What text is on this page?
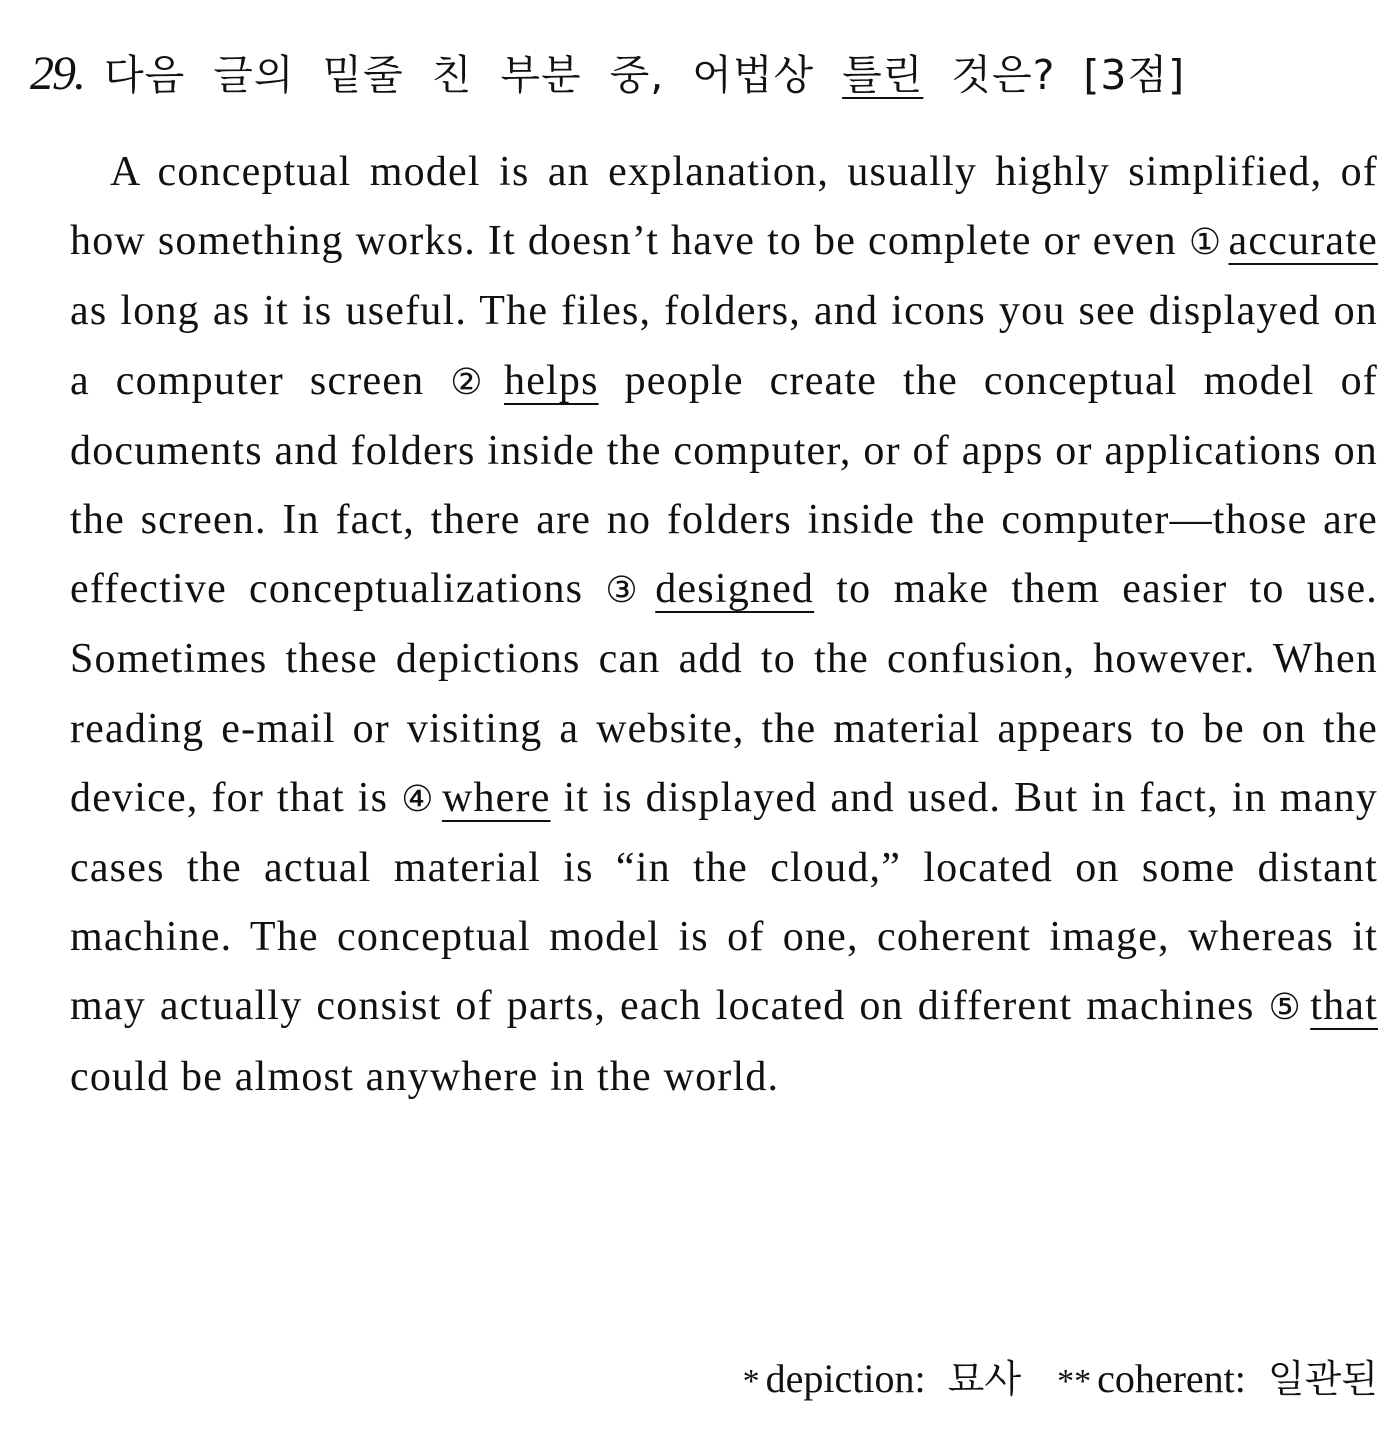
29. 다음 글의 밑줄 친 부분 중, 어법상 틀린 것은? [3점]
A conceptual model is an explanation, usually highly simplified, of how something works. It doesn’t have to be complete or even ① accurate as long as it is useful. The files, folders, and icons you see displayed on a computer screen ② helps people create the conceptual model of documents and folders inside the computer, or of apps or applications on the screen. In fact, there are no folders inside the computer—those are effective conceptualizations ③ designed to make them easier to use. Sometimes these depictions can add to the confusion, however. When reading e-mail or visiting a website, the material appears to be on the device, for that is ④ where it is displayed and used. But in fact, in many cases the actual material is “in the cloud,” located on some distant machine. The conceptual model is of one, coherent image, whereas it may actually consist of parts, each located on different machines ⑤ that could be almost anywhere in the world.
* depiction: 묘사 ** coherent: 일관된
